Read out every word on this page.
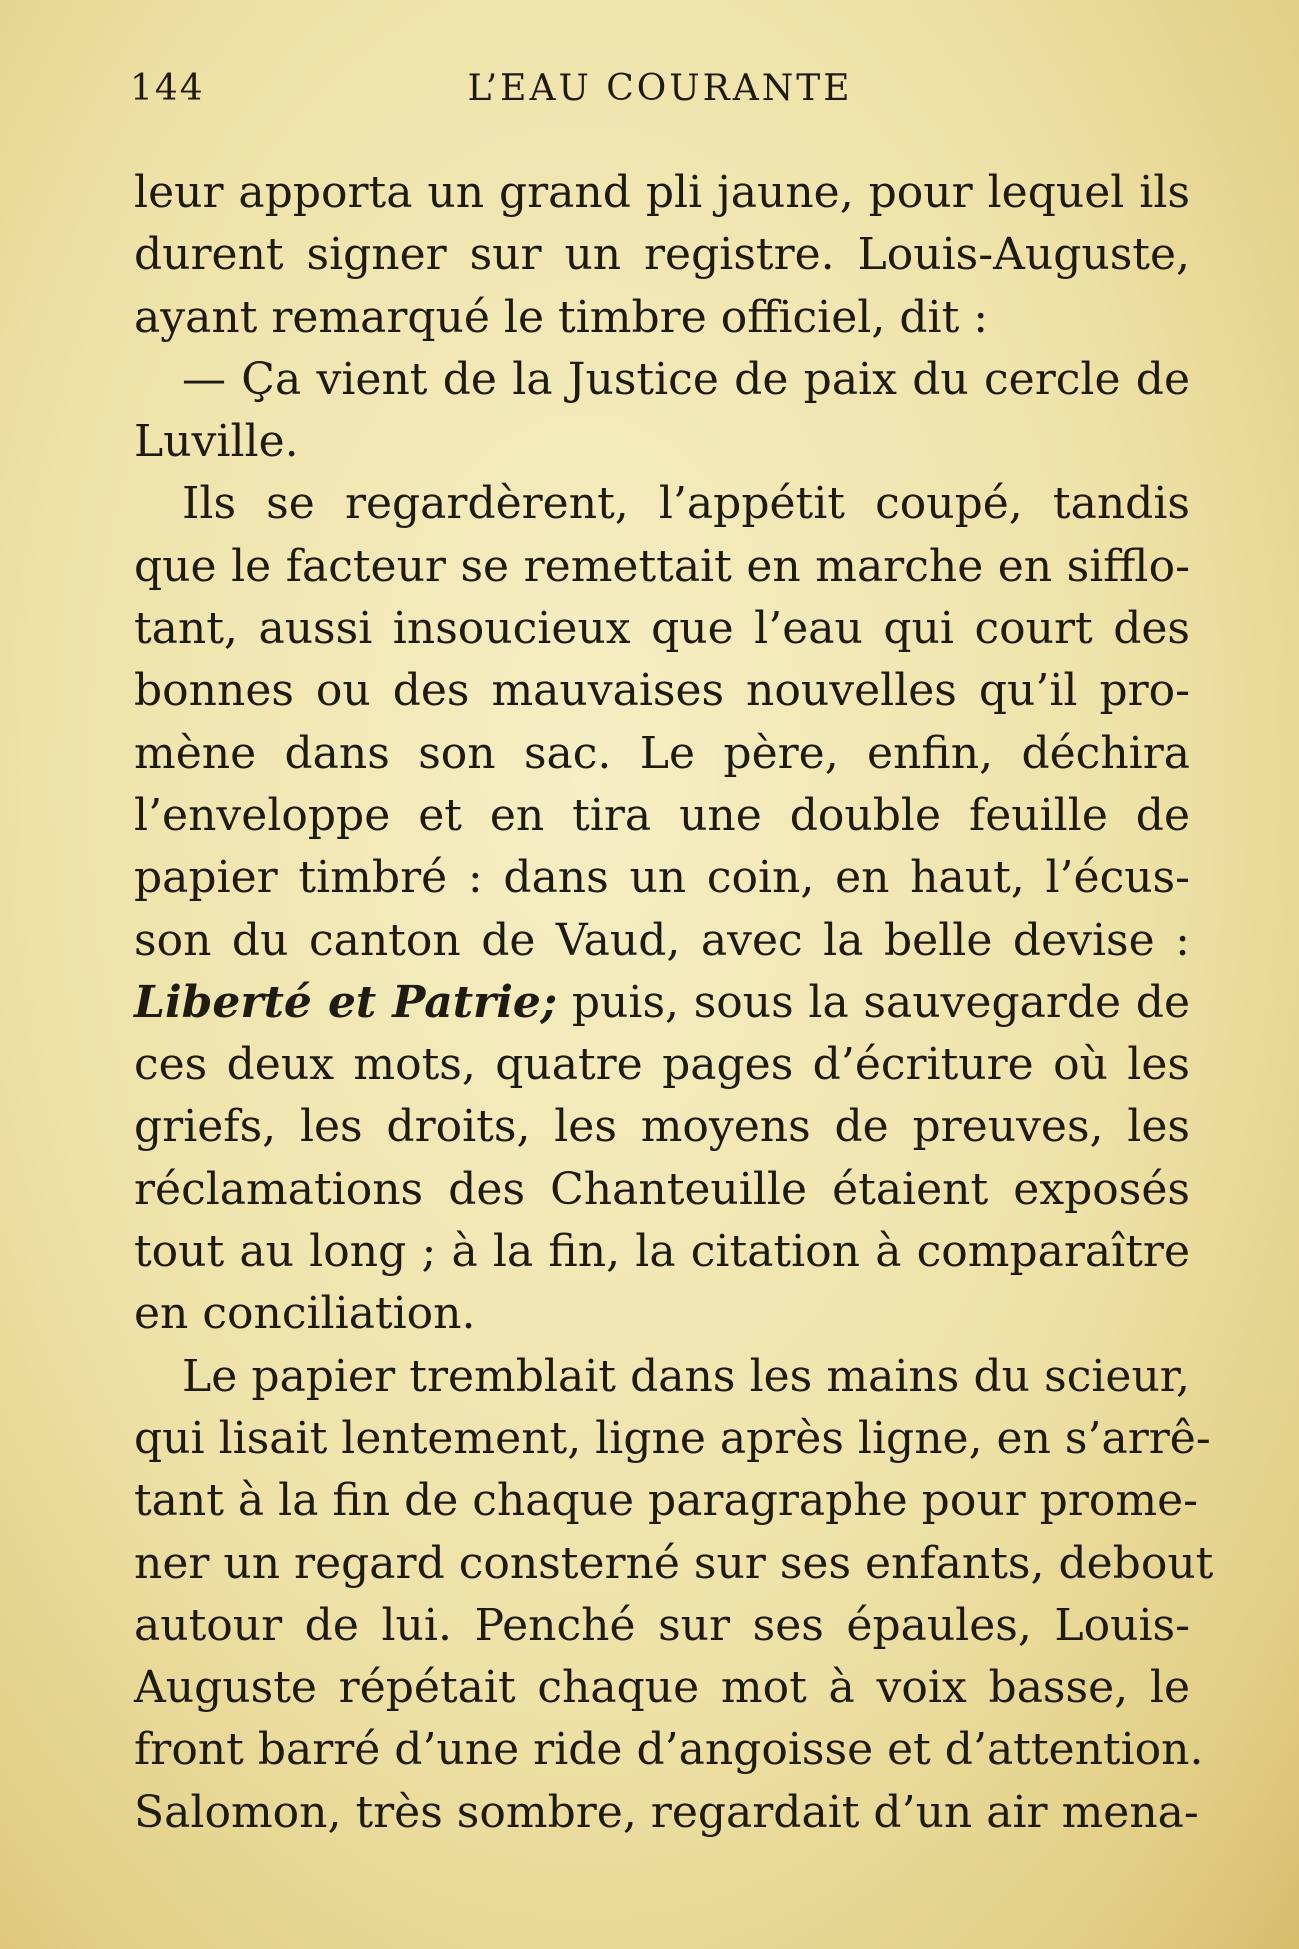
144	L’EAU COURANTE
leur apporta un grand pli jaune, pour lequel ils
durent signer sur un registre. Louis-Auguste,
ayant remarqué le timbre officiel, dit :
— Ça vient de la Justice de paix du cercle de
Luville.
Ils se regardèrent, l’appétit coupé, tandis
que le facteur se remettait en marche en sifflo-
tant, aussi insoucieux que l’eau qui court des
bonnes ou des mauvaises nouvelles qu’il pro-
mène dans son sac. Le père, enfin, déchira
l’enveloppe et en tira une double feuille de
papier timbré : dans un coin, en haut, l’écus-
son du canton de Vaud, avec la belle devise :
Liberté et Patrie; puis, sous la sauvegarde de
ces deux mots, quatre pages d’écriture où les
griefs, les droits, les moyens de preuves, les
réclamations des Chanteuille étaient exposés
tout au long ; à la fin, la citation à comparaître
en conciliation.
Le papier tremblait dans les mains du scieur,
qui lisait lentement, ligne après ligne, en s’arrê-
tant à la fin de chaque paragraphe pour prome-
ner un regard consterné sur ses enfants, debout
autour de lui. Penché sur ses épaules, Louis-
Auguste répétait chaque mot à voix basse, le
front barré d’une ride d’angoisse et d’attention.
Salomon, très sombre, regardait d’un air mena-
